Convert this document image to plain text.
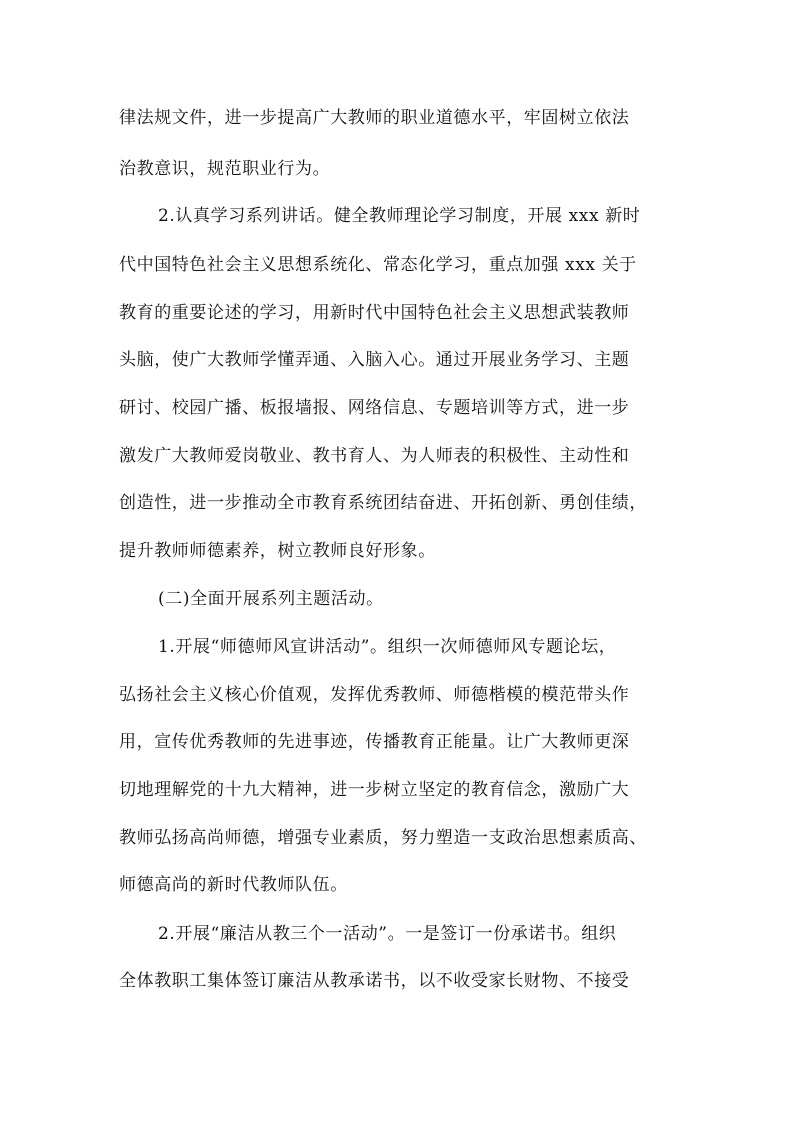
律法规文件，进一步提高广大教师的职业道德水平，牢固树立依法
治教意识，规范职业行为。
2.认真学习系列讲话。健全教师理论学习制度，开展 xxx 新时
代中国特色社会主义思想系统化、常态化学习，重点加强 xxx 关于
教育的重要论述的学习，用新时代中国特色社会主义思想武装教师
头脑，使广大教师学懂弄通、入脑入心。通过开展业务学习、主题
研讨、校园广播、板报墙报、网络信息、专题培训等方式，进一步
激发广大教师爱岗敬业、教书育人、为人师表的积极性、主动性和
创造性，进一步推动全市教育系统团结奋进、开拓创新、勇创佳绩，
提升教师师德素养，树立教师良好形象。
(二)全面开展系列主题活动。
1.开展“师德师风宣讲活动”。组织一次师德师风专题论坛，
弘扬社会主义核心价值观，发挥优秀教师、师德楷模的模范带头作
用，宣传优秀教师的先进事迹，传播教育正能量。让广大教师更深
切地理解党的十九大精神，进一步树立坚定的教育信念，激励广大
教师弘扬高尚师德，增强专业素质，努力塑造一支政治思想素质高、
师德高尚的新时代教师队伍。
2.开展“廉洁从教三个一活动”。一是签订一份承诺书。组织
全体教职工集体签订廉洁从教承诺书，以不收受家长财物、不接受
